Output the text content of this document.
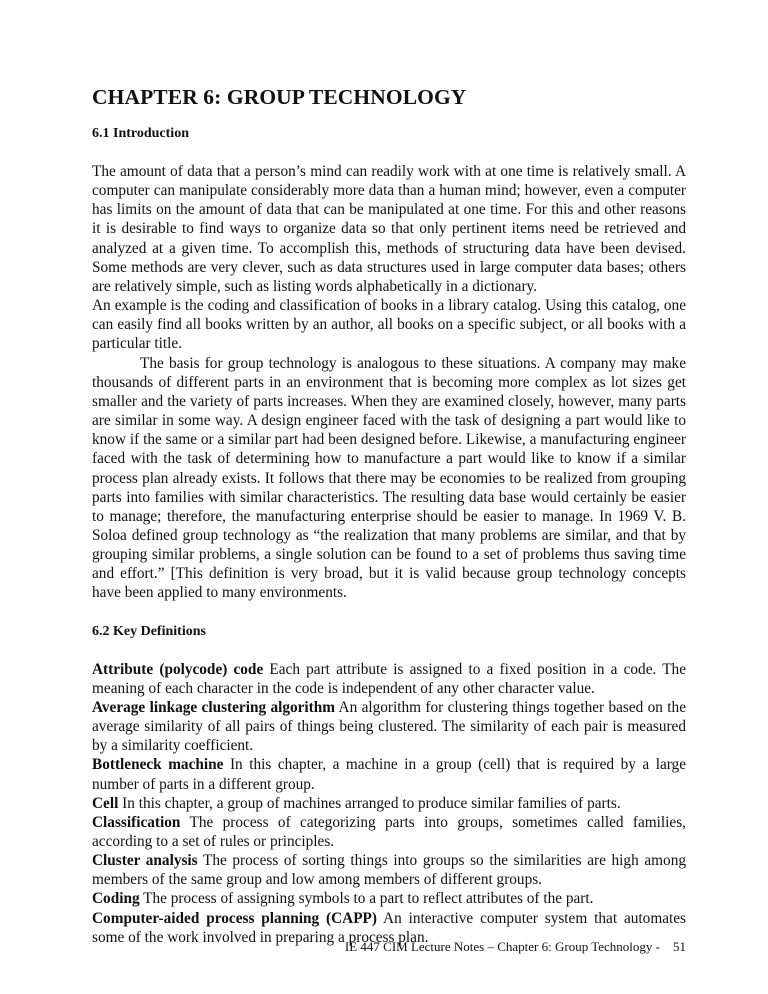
CHAPTER 6: GROUP TECHNOLOGY
6.1 Introduction

The amount of data that a person’s mind can readily work with at one time is relatively small. A computer can manipulate considerably more data than a human mind; however, even a computer has limits on the amount of data that can be manipulated at one time. For this and other reasons it is desirable to find ways to organize data so that only pertinent items need be retrieved and analyzed at a given time. To accomplish this, methods of structuring data have been devised. Some methods are very clever, such as data structures used in large computer data bases; others are relatively simple, such as listing words alphabetically in a dictionary.

An example is the coding and classification of books in a library catalog. Using this catalog, one can easily find all books written by an author, all books on a specific subject, or all books with a particular title.

The basis for group technology is analogous to these situations. A company may make thousands of different parts in an environment that is becoming more complex as lot sizes get smaller and the variety of parts increases. When they are examined closely, however, many parts are similar in some way. A design engineer faced with the task of designing a part would like to know if the same or a similar part had been designed before. Likewise, a manufacturing engineer faced with the task of determining how to manufacture a part would like to know if a similar process plan already exists. It follows that there may be economies to be realized from grouping parts into families with similar characteristics. The resulting data base would certainly be easier to manage; therefore, the manufacturing enterprise should be easier to manage. In 1969 V. B. Soloa defined group technology as “the realization that many problems are similar, and that by grouping similar problems, a single solution can be found to a set of problems thus saving time and effort.” [This definition is very broad, but it is valid because group technology concepts have been applied to many environments.

6.2 Key Definitions

Attribute (polycode) code Each part attribute is assigned to a fixed position in a code. The meaning of each character in the code is independent of any other character value.

Average linkage clustering algorithm An algorithm for clustering things together based on the average similarity of all pairs of things being clustered. The similarity of each pair is measured by a similarity coefficient.

Bottleneck machine In this chapter, a machine in a group (cell) that is required by a large number of parts in a different group.

Cell In this chapter, a group of machines arranged to produce similar families of parts.

Classification The process of categorizing parts into groups, sometimes called families, according to a set of rules or principles.

Cluster analysis The process of sorting things into groups so the similarities are high among members of the same group and low among members of different groups.

Coding The process of assigning symbols to a part to reflect attributes of the part.

Computer-aided process planning (CAPP) An interactive computer system that automates some of the work involved in preparing a process plan.

IE 447 CIM Lecture Notes – Chapter 6: Group Technology - 51
